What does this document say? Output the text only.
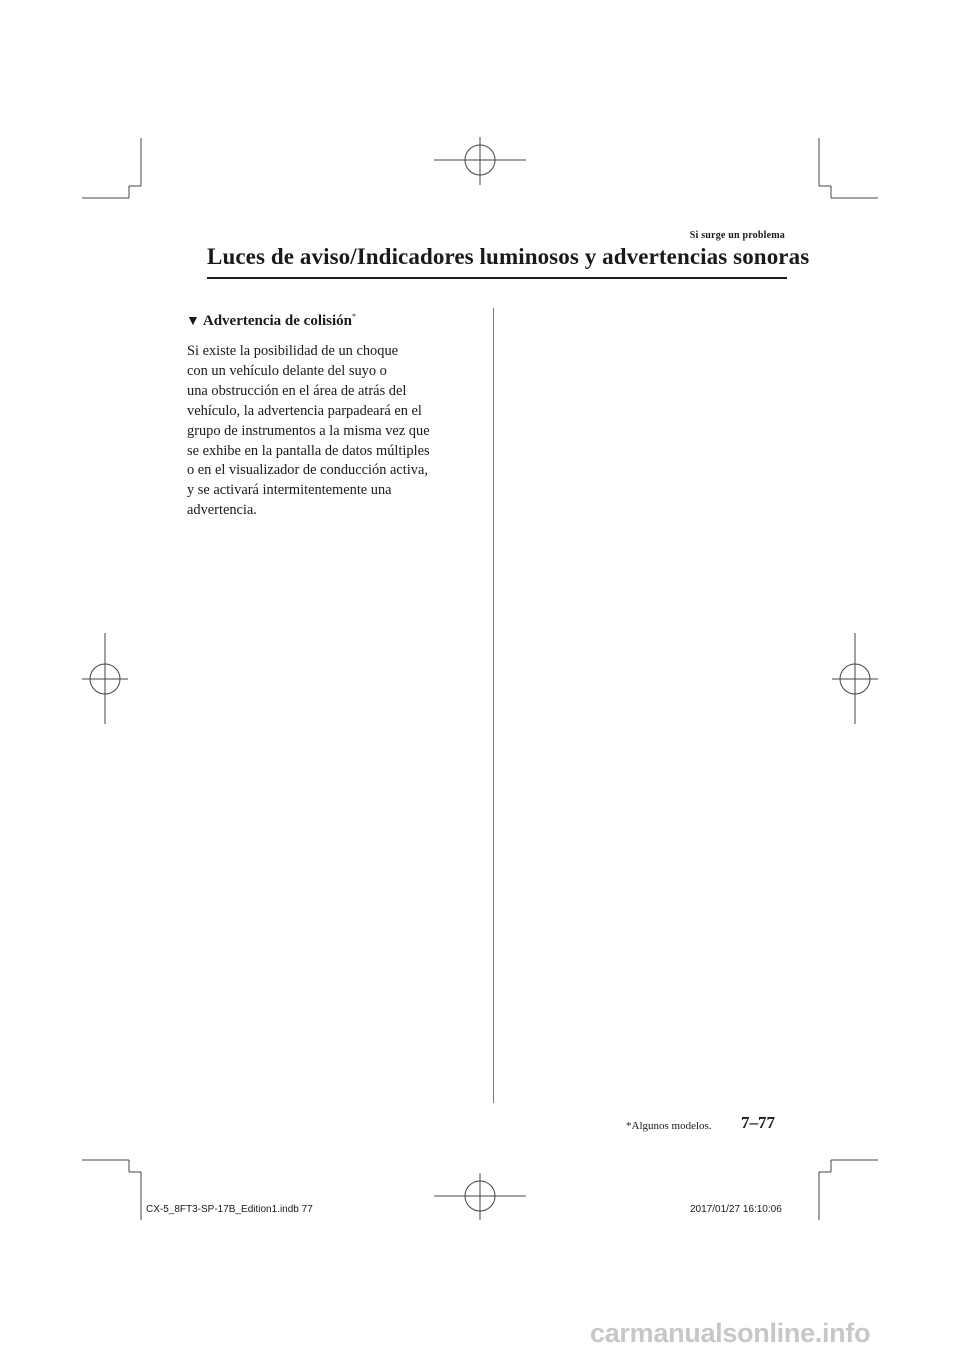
Si surge un problema
Luces de aviso/Indicadores luminosos y advertencias sonoras
▼ Advertencia de colisión*
Si existe la posibilidad de un choque
con un vehículo delante del suyo o
una obstrucción en el área de atrás del
vehículo, la advertencia parpadeará en el
grupo de instrumentos a la misma vez que
se exhibe en la pantalla de datos múltiples
o en el visualizador de conducción activa,
y se activará intermitentemente una
advertencia.
*Algunos modelos. 7–77
CX-5_8FT3-SP-17B_Edition1.indb 77	2017/01/27 16:10:06
carmanualsonline.info
